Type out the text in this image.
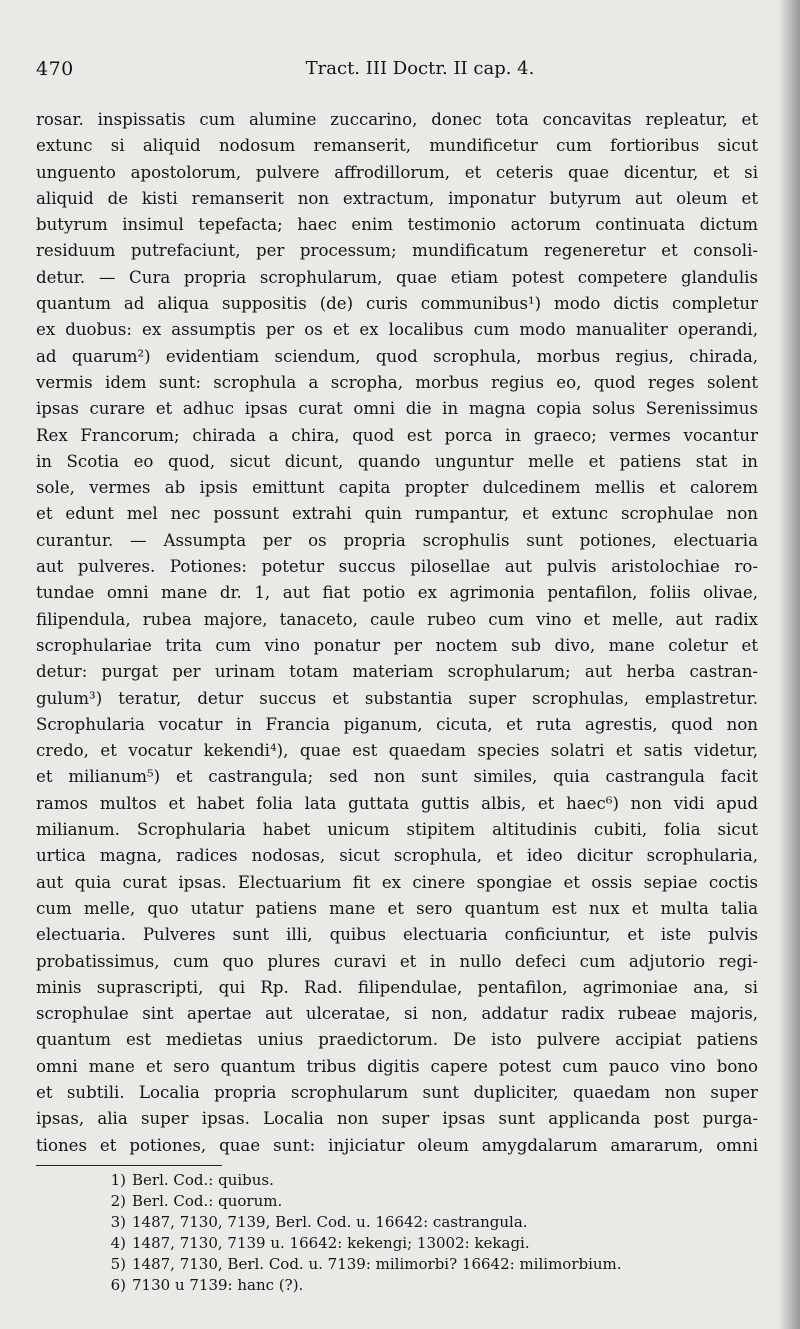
470	Tract. III Doctr. II cap. 4.
rosar. inspissatis cum alumine zuccarino, donec tota concavitas repleatur, et
extunc si aliquid nodosum remanserit, mundificetur cum fortioribus sicut
unguento apostolorum, pulvere affrodillorum, et ceteris quae dicentur, et si
aliquid de kisti remanserit non extractum, imponatur butyrum aut oleum et
butyrum insimul tepefacta; haec enim testimonio actorum continuata dictum
residuum putrefaciunt, per processum; mundificatum regeneretur et consoli-
detur. — Cura propria scrophularum, quae etiam potest competere glandulis
quantum ad aliqua suppositis (de) curis communibus¹) modo dictis completur
ex duobus: ex assumptis per os et ex localibus cum modo manualiter operandi,
ad quarum²) evidentiam sciendum, quod scrophula, morbus regius, chirada,
vermis idem sunt: scrophula a scropha, morbus regius eo, quod reges solent
ipsas curare et adhuc ipsas curat omni die in magna copia solus Serenissimus
Rex Francorum; chirada a chira, quod est porca in graeco; vermes vocantur
in Scotia eo quod, sicut dicunt, quando unguntur melle et patiens stat in
sole, vermes ab ipsis emittunt capita propter dulcedinem mellis et calorem
et edunt mel nec possunt extrahi quin rumpantur, et extunc scrophulae non
curantur. — Assumpta per os propria scrophulis sunt potiones, electuaria
aut pulveres. Potiones: potetur succus pilosellae aut pulvis aristolochiae ro-
tundae omni mane dr. 1, aut fiat potio ex agrimonia pentafilon, foliis olivae,
filipendula, rubea majore, tanaceto, caule rubeo cum vino et melle, aut radix
scrophulariae trita cum vino ponatur per noctem sub divo, mane coletur et
detur: purgat per urinam totam materiam scrophularum; aut herba castran-
gulum³) teratur, detur succus et substantia super scrophulas, emplastretur.
Scrophularia vocatur in Francia piganum, cicuta, et ruta agrestis, quod non
credo, et vocatur kekendi⁴), quae est quaedam species solatri et satis videtur,
et milianum⁵) et castrangula; sed non sunt similes, quia castrangula facit
ramos multos et habet folia lata guttata guttis albis, et haec⁶) non vidi apud
milianum. Scrophularia habet unicum stipitem altitudinis cubiti, folia sicut
urtica magna, radices nodosas, sicut scrophula, et ideo dicitur scrophularia,
aut quia curat ipsas. Electuarium fit ex cinere spongiae et ossis sepiae coctis
cum melle, quo utatur patiens mane et sero quantum est nux et multa talia
electuaria. Pulveres sunt illi, quibus electuaria conficiuntur, et iste pulvis
probatissimus, cum quo plures curavi et in nullo defeci cum adjutorio regi-
minis suprascripti, qui Rp. Rad. filipendulae, pentafilon, agrimoniae ana, si
scrophulae sint apertae aut ulceratae, si non, addatur radix rubeae majoris,
quantum est medietas unius praedictorum. De isto pulvere accipiat patiens
omni mane et sero quantum tribus digitis capere potest cum pauco vino bono
et subtili. Localia propria scrophularum sunt dupliciter, quaedam non super
ipsas, alia super ipsas. Localia non super ipsas sunt applicanda post purga-
tiones et potiones, quae sunt: injiciatur oleum amygdalarum amararum, omni
1) Berl. Cod.: quibus.
2) Berl. Cod.: quorum.
3) 1487, 7130, 7139, Berl. Cod. u. 16642: castrangula.
4) 1487, 7130, 7139 u. 16642: kekengi; 13002: kekagi.
5) 1487, 7130, Berl. Cod. u. 7139: milimorbi? 16642: milimorbium.
6) 7130 u 7139: hanc (?).
